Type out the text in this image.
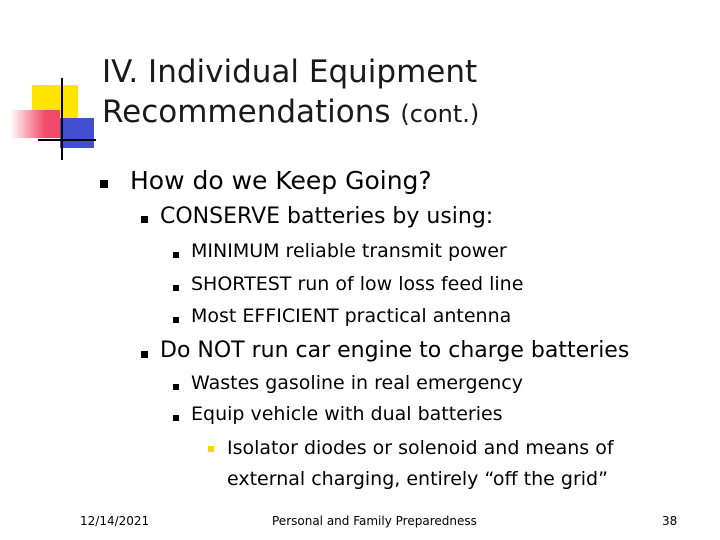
IV. Individual Equipment
Recommendations (cont.)
How do we Keep Going?
CONSERVE batteries by using:
MINIMUM reliable transmit power
SHORTEST run of low loss feed line
Most EFFICIENT practical antenna
Do NOT run car engine to charge batteries
Wastes gasoline in real emergency
Equip vehicle with dual batteries
Isolator diodes or solenoid and means of
external charging, entirely “off the grid”
12/14/2021	Personal and Family Preparedness	38
